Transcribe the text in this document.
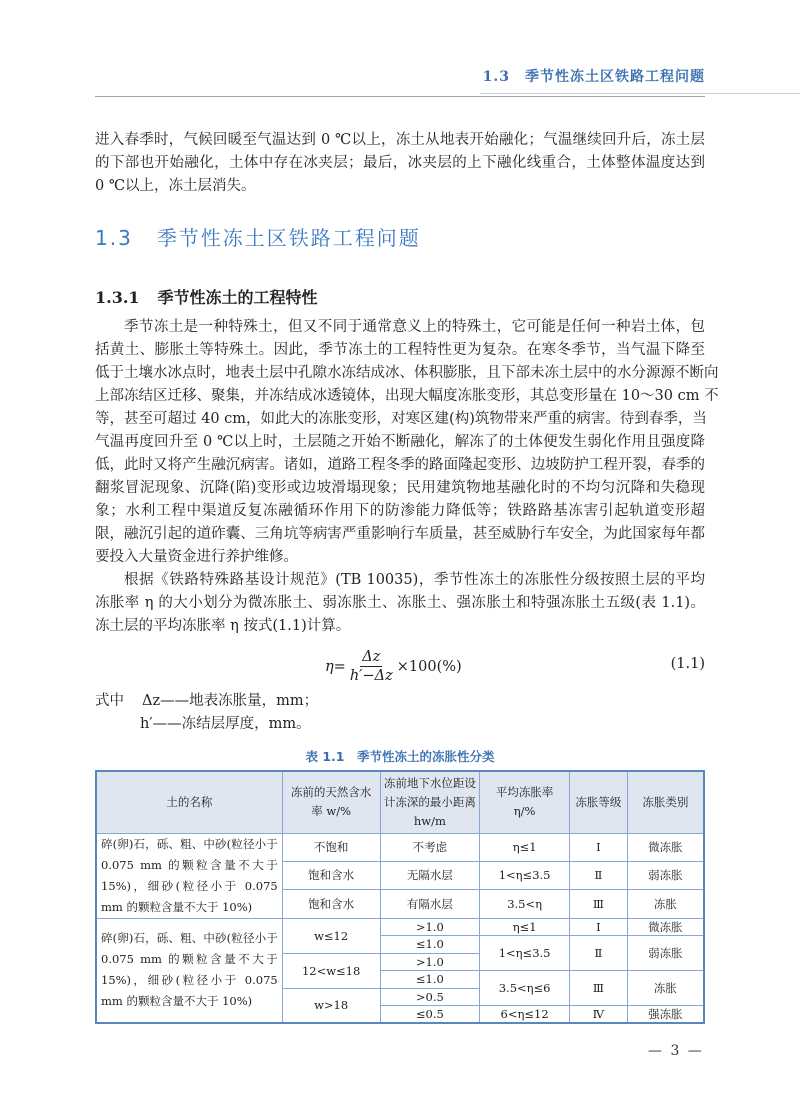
1.3　季节性冻土区铁路工程问题
进入春季时，气候回暖至气温达到 0 ℃以上，冻土从地表开始融化；气温继续回升后，冻土层
的下部也开始融化，土体中存在冰夹层；最后，冰夹层的上下融化线重合，土体整体温度达到
0 ℃以上，冻土层消失。
1.3 季节性冻土区铁路工程问题
1.3.1 季节性冻土的工程特性
季节冻土是一种特殊土，但又不同于通常意义上的特殊土，它可能是任何一种岩土体，包
括黄土、膨胀土等特殊土。因此，季节冻土的工程特性更为复杂。在寒冬季节，当气温下降至
低于土壤水冰点时，地表土层中孔隙水冻结成冰、体积膨胀，且下部未冻土层中的水分源源不断向
上部冻结区迁移、聚集，并冻结成冰透镜体，出现大幅度冻胀变形，其总变形量在 10～30 cm 不
等，甚至可超过 40 cm，如此大的冻胀变形，对寒区建(构)筑物带来严重的病害。待到春季，当
气温再度回升至 0 ℃以上时，土层随之开始不断融化，解冻了的土体便发生弱化作用且强度降
低，此时又将产生融沉病害。诸如，道路工程冬季的路面隆起变形、边坡防护工程开裂，春季的
翻浆冒泥现象、沉降(陷)变形或边坡滑塌现象；民用建筑物地基融化时的不均匀沉降和失稳现
象；水利工程中渠道反复冻融循环作用下的防渗能力降低等；铁路路基冻害引起轨道变形超
限，融沉引起的道砟囊、三角坑等病害严重影响行车质量，甚至威胁行车安全，为此国家每年都
要投入大量资金进行养护维修。
根据《铁路特殊路基设计规范》(TB 10035)，季节性冻土的冻胀性分级按照土层的平均
冻胀率 η 的大小划分为微冻胀土、弱冻胀土、冻胀土、强冻胀土和特强冻胀土五级(表 1.1)。
冻土层的平均冻胀率 η 按式(1.1)计算。
$\eta= \frac{\Delta z}{h'-\Delta z} \times 100(\%)$	(1.1)
式中 Δz——地表冻胀量，mm；
h′——冻结层厚度，mm。
表 1.1　季节性冻土的冻胀性分类
土的名称	冻前的天然含水率 w/%	冻前地下水位距设计冻深的最小距离 hw/m	平均冻胀率 η/%	冻胀等级	冻胀类别
碎(卵)石，砾、粗、中砂(粒径小于 0.075 mm 的颗粒含量不大于 15%)，细砂(粒径小于 0.075 mm 的颗粒含量不大于 10%)	不饱和	不考虑	η≤1	Ⅰ	微冻胀
	饱和含水	无隔水层	1<η≤3.5	Ⅱ	弱冻胀
	饱和含水	有隔水层	3.5<η	Ⅲ	冻胀
碎(卵)石，砾、粗、中砂(粒径小于 0.075 mm 的颗粒含量不大于 15%)，细砂(粒径小于 0.075 mm 的颗粒含量不大于 10%)	w≤12	>1.0	η≤1	Ⅰ	微冻胀
		≤1.0	1<η≤3.5	Ⅱ	弱冻胀
	12<w≤18	>1.0			
		≤1.0	3.5<η≤6	Ⅲ	冻胀
	w>18	>0.5			
		≤0.5	6<η≤12	Ⅳ	强冻胀
— 3 —
